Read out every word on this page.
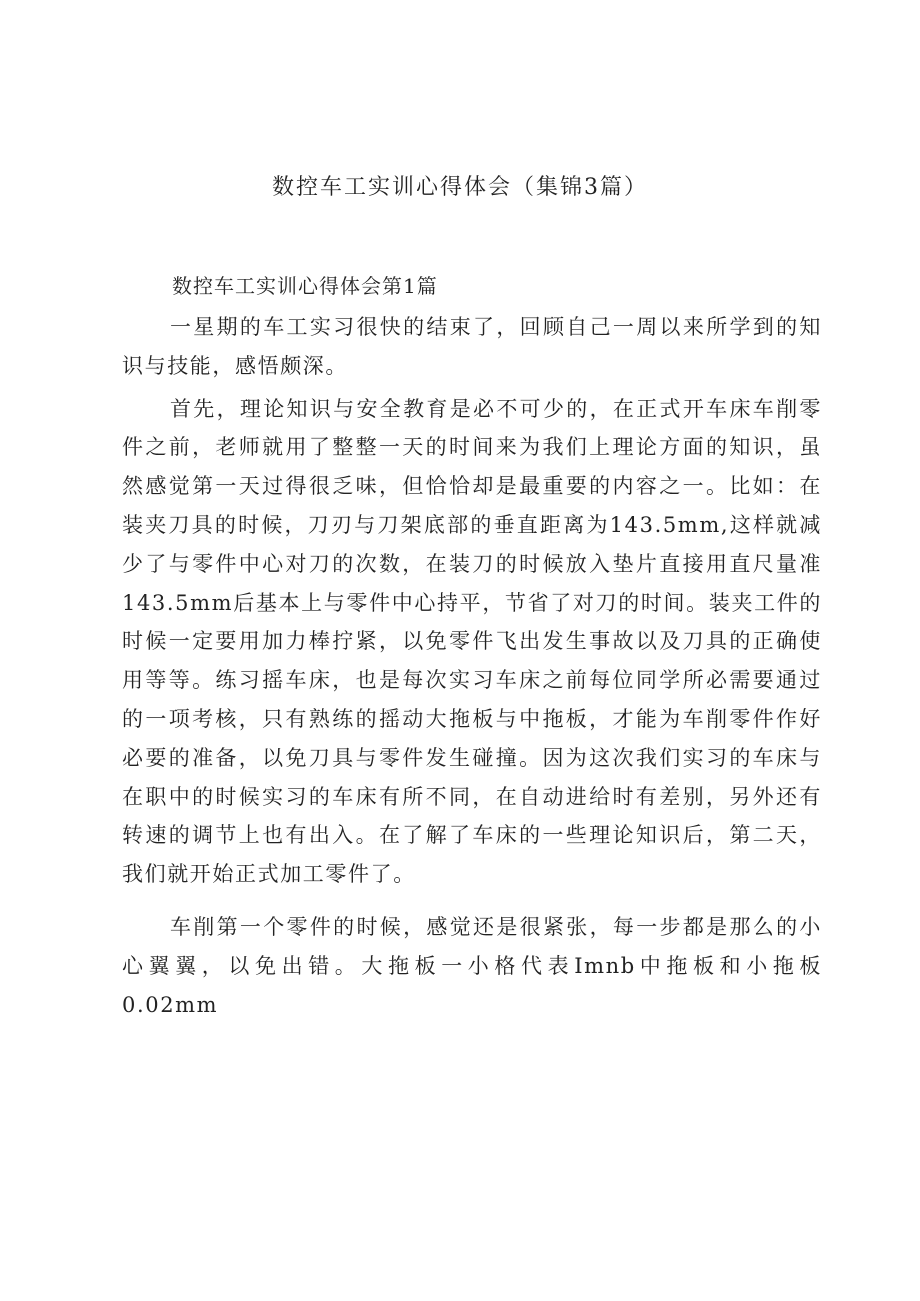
数控车工实训心得体会（集锦3篇）

数控车工实训心得体会第1篇

一星期的车工实习很快的结束了，回顾自己一周以来所学到的知识与技能，感悟颇深。

首先，理论知识与安全教育是必不可少的，在正式开车床车削零件之前，老师就用了整整一天的时间来为我们上理论方面的知识，虽然感觉第一天过得很乏味，但恰恰却是最重要的内容之一。比如：在装夹刀具的时候，刀刃与刀架底部的垂直距离为143.5mm,这样就减少了与零件中心对刀的次数，在装刀的时候放入垫片直接用直尺量准143.5mm后基本上与零件中心持平，节省了对刀的时间。装夹工件的时候一定要用加力棒拧紧，以免零件飞出发生事故以及刀具的正确使用等等。练习摇车床，也是每次实习车床之前每位同学所必需要通过的一项考核，只有熟练的摇动大拖板与中拖板，才能为车削零件作好必要的准备，以免刀具与零件发生碰撞。因为这次我们实习的车床与在职中的时候实习的车床有所不同，在自动进给时有差别，另外还有转速的调节上也有出入。在了解了车床的一些理论知识后，第二天，我们就开始正式加工零件了。

车削第一个零件的时候，感觉还是很紧张，每一步都是那么的小心翼翼，以免出错。大拖板一小格代表Imnb中拖板和小拖板0.02mm
